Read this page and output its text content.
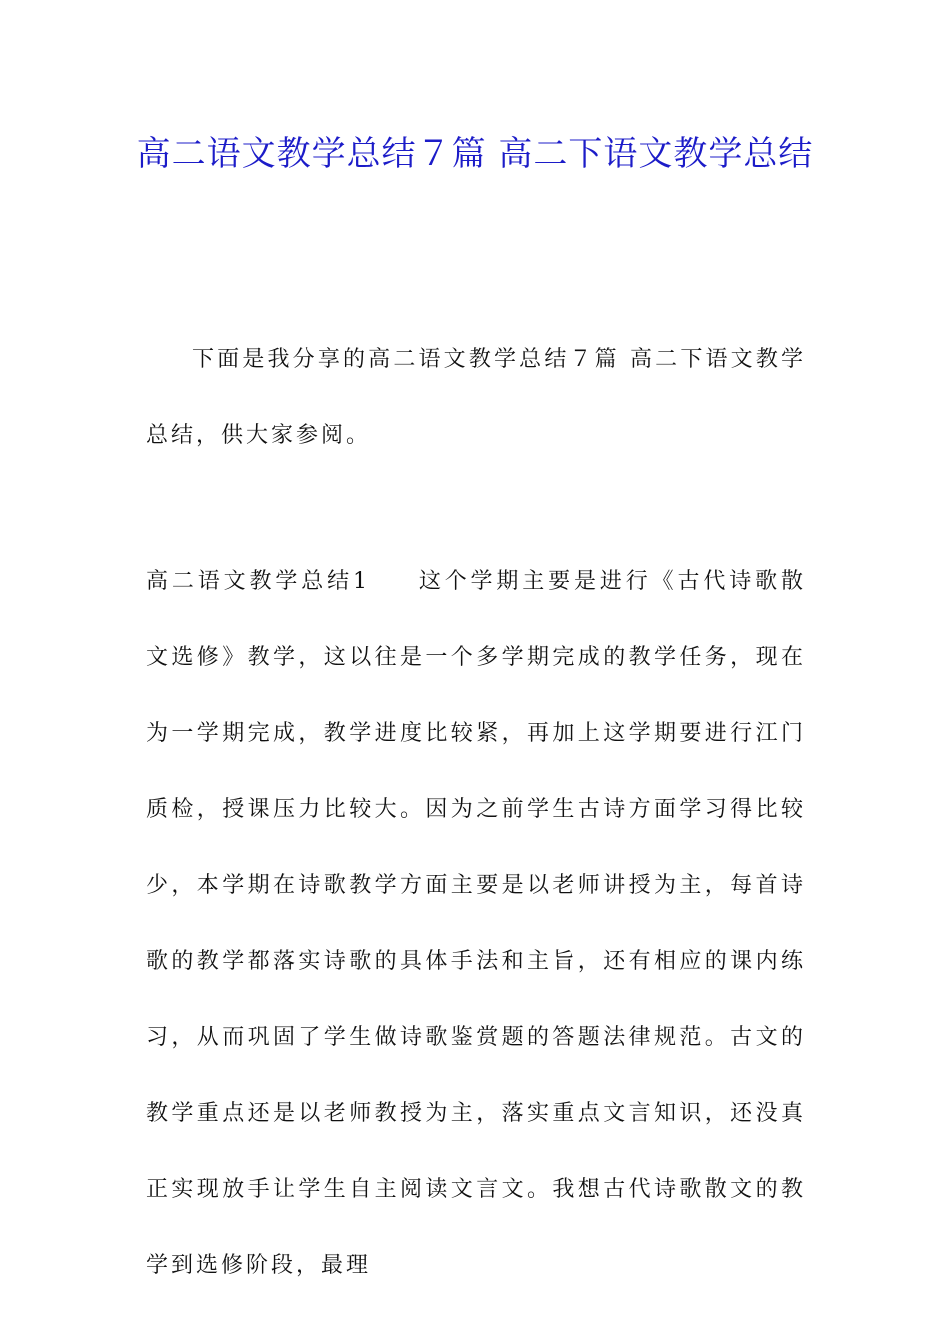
高二语文教学总结７篇 高二下语文教学总结

下面是我分享的高二语文教学总结７篇 高二下语文教学总结，供大家参阅。

高二语文教学总结1 这个学期主要是进行《古代诗歌散文选修》教学，这以往是一个多学期完成的教学任务，现在为一学期完成，教学进度比较紧，再加上这学期要进行江门质检，授课压力比较大。因为之前学生古诗方面学习得比较少，本学期在诗歌教学方面主要是以老师讲授为主，每首诗歌的教学都落实诗歌的具体手法和主旨，还有相应的课内练习，从而巩固了学生做诗歌鉴赏题的答题法律规范。古文的教学重点还是以老师教授为主，落实重点文言知识，还没真正实现放手让学生自主阅读文言文。我想古代诗歌散文的教学到选修阶段，最理
